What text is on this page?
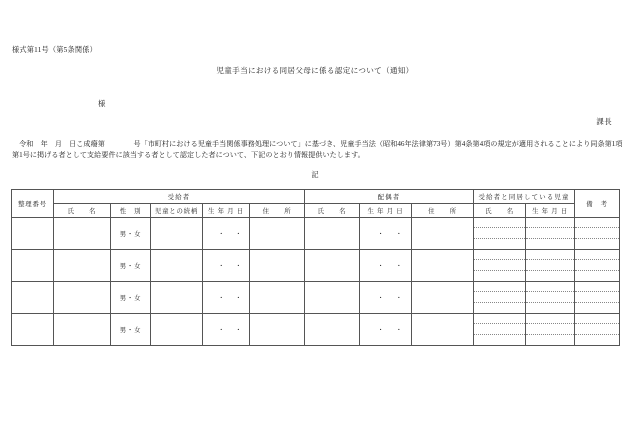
様式第11号（第5条関係）
児童手当における同居父母に係る認定について（通知）
様
課長
　令和　年　月　日こ成癈第　　　　号「市町村における児童手当関係事務処理について」に基づき、児童手当法（昭和46年法律第73号）第4条第4項の規定が適用されることにより同条第1項
第1号に掲げる者として支給要件に該当する者として認定した者について、下記のとおり情報提供いたします。
記
整理番号	受給者					配偶者			受給者と同居している児童		備　考
	氏　　名	性　別	児童との続柄	生 年 月 日	住　　所	氏　　名	生 年 月 日	住　　所	氏　　名	生 年 月 日	
		男・女		・ ・			・ ・		

		男・女		・ ・			・ ・		

		男・女		・ ・			・ ・		

		男・女		・ ・			・ ・		
